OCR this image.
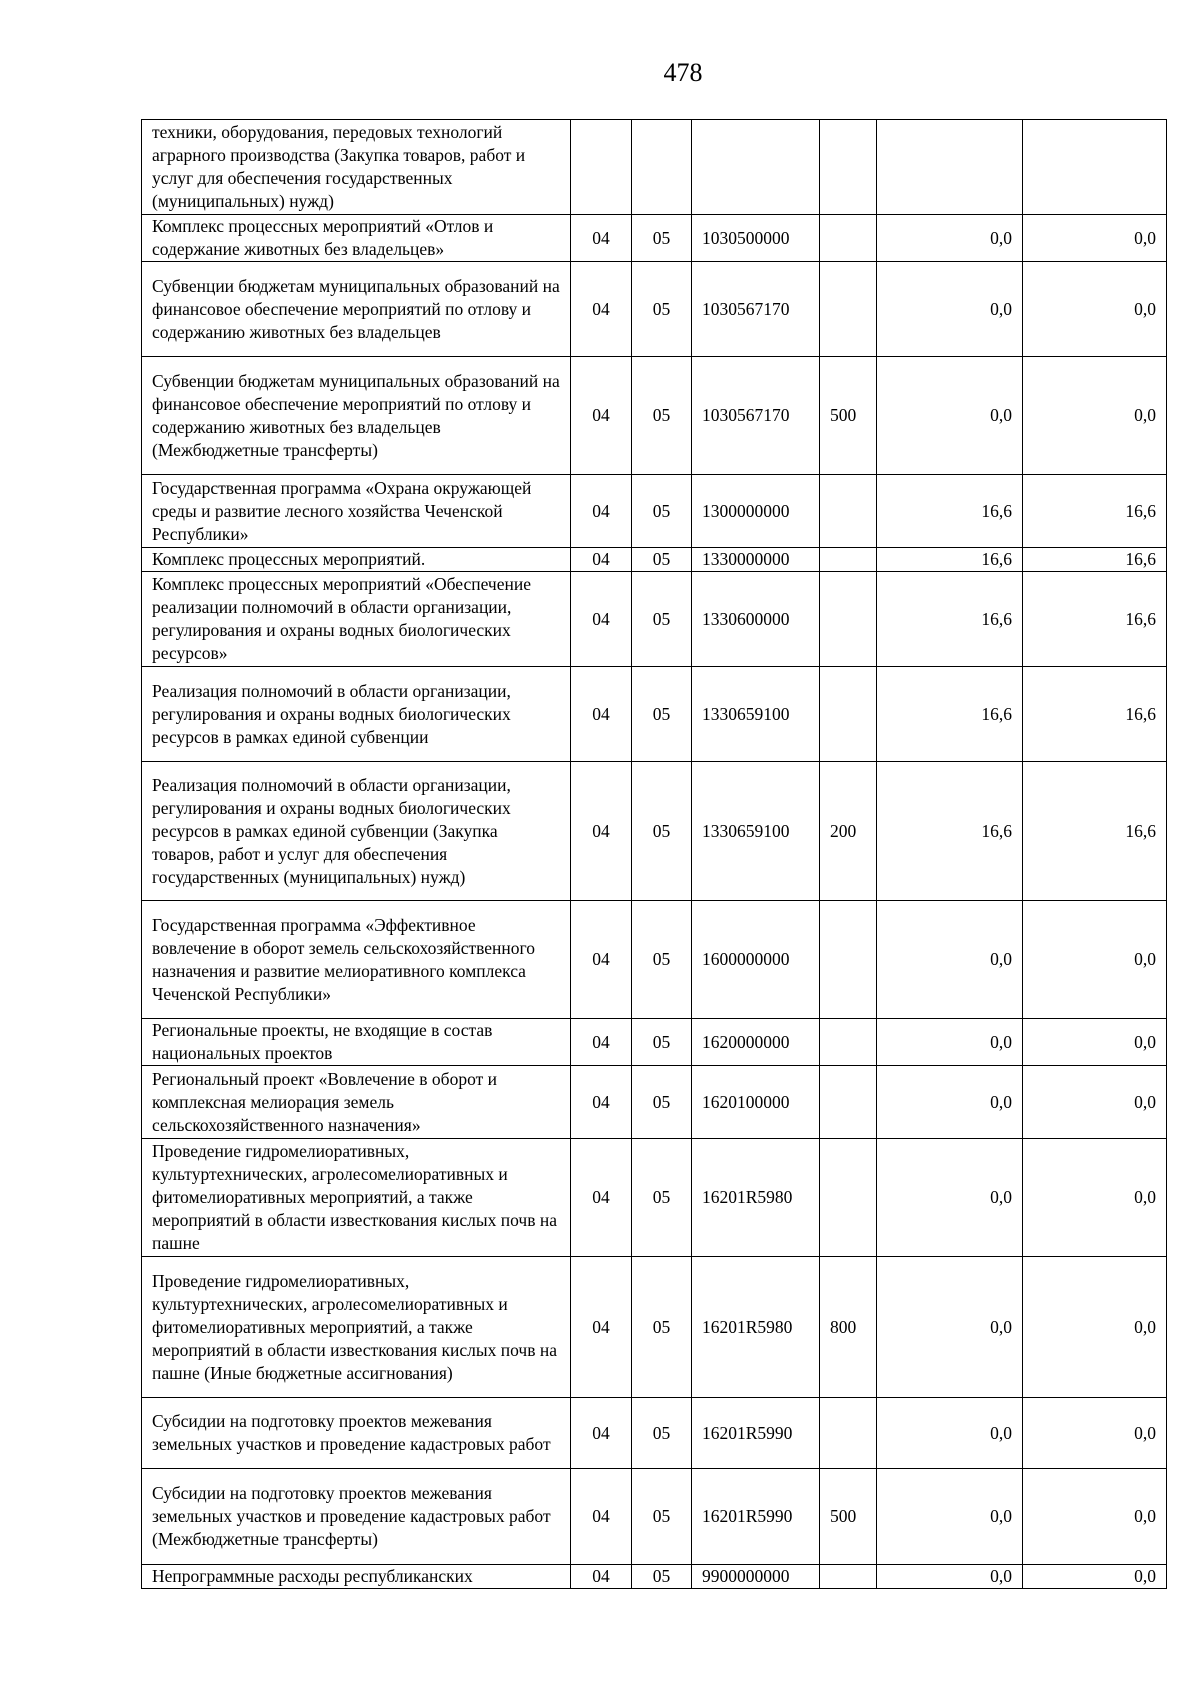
478
техники, оборудования, передовых технологий аграрного производства (Закупка товаров, работ и услуг для обеспечения государственных (муниципальных) нужд)						
Комплекс процессных мероприятий «Отлов и содержание животных без владельцев»	04	05	1030500000		0,0	0,0
Субвенции бюджетам муниципальных образований на финансовое обеспечение мероприятий по отлову и содержанию животных без владельцев	04	05	1030567170		0,0	0,0
Субвенции бюджетам муниципальных образований на финансовое обеспечение мероприятий по отлову и содержанию животных без владельцев (Межбюджетные трансферты)	04	05	1030567170	500	0,0	0,0
Государственная программа «Охрана окружающей среды и развитие лесного хозяйства Чеченской Республики»	04	05	1300000000		16,6	16,6
Комплекс процессных мероприятий.	04	05	1330000000		16,6	16,6
Комплекс процессных мероприятий «Обеспечение реализации полномочий в области организации, регулирования и охраны водных биологических ресурсов»	04	05	1330600000		16,6	16,6
Реализация полномочий в области организации, регулирования и охраны водных биологических ресурсов в рамках единой субвенции	04	05	1330659100		16,6	16,6
Реализация полномочий в области организации, регулирования и охраны водных биологических ресурсов в рамках единой субвенции (Закупка товаров, работ и услуг для обеспечения государственных (муниципальных) нужд)	04	05	1330659100	200	16,6	16,6
Государственная программа «Эффективное вовлечение в оборот земель сельскохозяйственного назначения и развитие мелиоративного комплекса Чеченской Республики»	04	05	1600000000		0,0	0,0
Региональные проекты, не входящие в состав национальных проектов	04	05	1620000000		0,0	0,0
Региональный проект «Вовлечение в оборот и комплексная мелиорация земель сельскохозяйственного назначения»	04	05	1620100000		0,0	0,0
Проведение гидромелиоративных, культуртехнических, агролесомелиоративных и фитомелиоративных мероприятий, а также мероприятий в области известкования кислых почв на пашне	04	05	16201R5980		0,0	0,0
Проведение гидромелиоративных, культуртехнических, агролесомелиоративных и фитомелиоративных мероприятий, а также мероприятий в области известкования кислых почв на пашне (Иные бюджетные ассигнования)	04	05	16201R5980	800	0,0	0,0
Субсидии на подготовку проектов межевания земельных участков и проведение кадастровых работ	04	05	16201R5990		0,0	0,0
Субсидии на подготовку проектов межевания земельных участков и проведение кадастровых работ (Межбюджетные трансферты)	04	05	16201R5990	500	0,0	0,0
Непрограммные расходы республиканских	04	05	9900000000		0,0	0,0
